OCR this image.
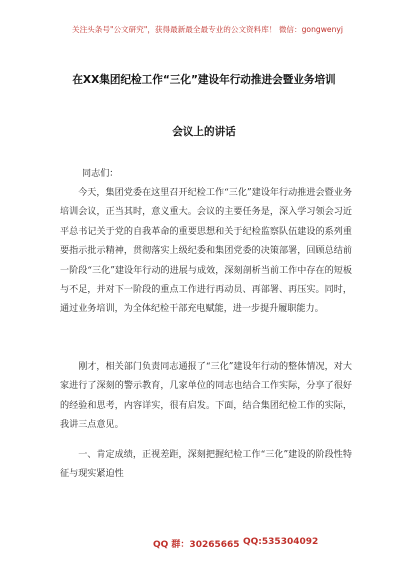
关注头条号"公文研究"，获得最新最全最专业的公文资料库！ 微信：gongwenyj
在XX集团纪检工作“三化”建设年行动推进会暨业务培训
会议上的讲话
同志们：

今天，集团党委在这里召开纪检工作“三化”建设年行动推进会暨业务培训会议，正当其时，意义重大。会议的主要任务是，深入学习领会习近平总书记关于党的自我革命的重要思想和关于纪检监察队伍建设的系列重要指示批示精神，贯彻落实上级纪委和集团党委的决策部署，回顾总结前一阶段“三化”建设年行动的进展与成效，深刻剖析当前工作中存在的短板与不足，并对下一阶段的重点工作进行再动员、再部署、再压实。同时，通过业务培训，为全体纪检干部充电赋能，进一步提升履职能力。

刚才，相关部门负责同志通报了“三化”建设年行动的整体情况，对大家进行了深刻的警示教育，几家单位的同志也结合工作实际，分享了很好的经验和思考，内容详实，很有启发。下面，结合集团纪检工作的实际，我讲三点意见。

一、肯定成绩，正视差距，深刻把握纪检工作“三化”建设的阶段性特征与现实紧迫性

QQ 群：30265665 QQ:535304092
